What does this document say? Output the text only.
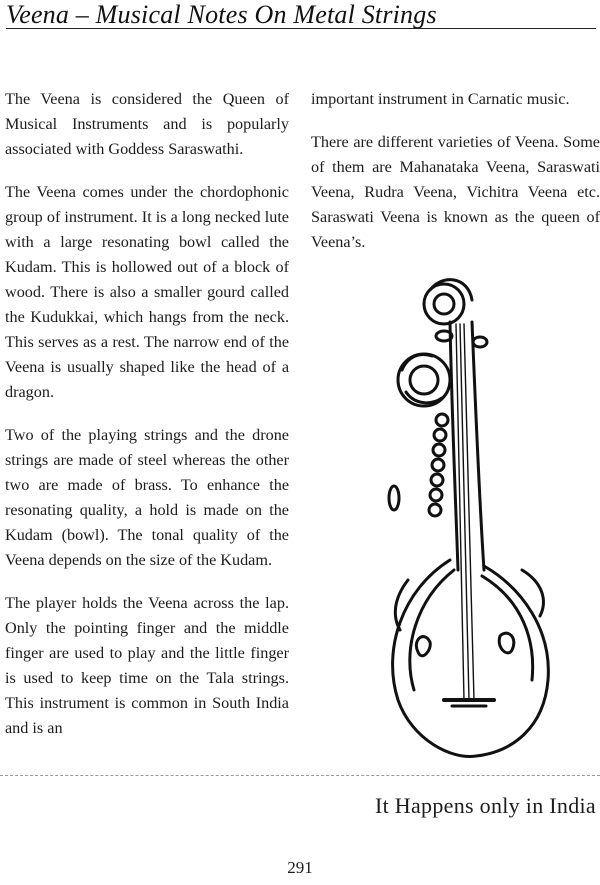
Veena – Musical Notes On Metal Strings

The Veena is considered the Queen of Musical Instruments and is popularly associated with Goddess Saraswathi.

The Veena comes under the chordophonic group of instrument. It is a long necked lute with a large resonating bowl called the Kudam. This is hollowed out of a block of wood. There is also a smaller gourd called the Kudukkai, which hangs from the neck. This serves as a rest. The narrow end of the Veena is usually shaped like the head of a dragon.

Two of the playing strings and the drone strings are made of steel whereas the other two are made of brass. To enhance the resonating quality, a hold is made on the Kudam (bowl). The tonal quality of the Veena depends on the size of the Kudam.

The player holds the Veena across the lap. Only the pointing finger and the middle finger are used to play and the little finger is used to keep time on the Tala strings. This instrument is common in South India and is an

important instrument in Carnatic music.

There are different varieties of Veena. Some of them are Mahanataka Veena, Saraswati Veena, Rudra Veena, Vichitra Veena etc. Saraswati Veena is known as the queen of Veena’s.

It Happens only in India
291
